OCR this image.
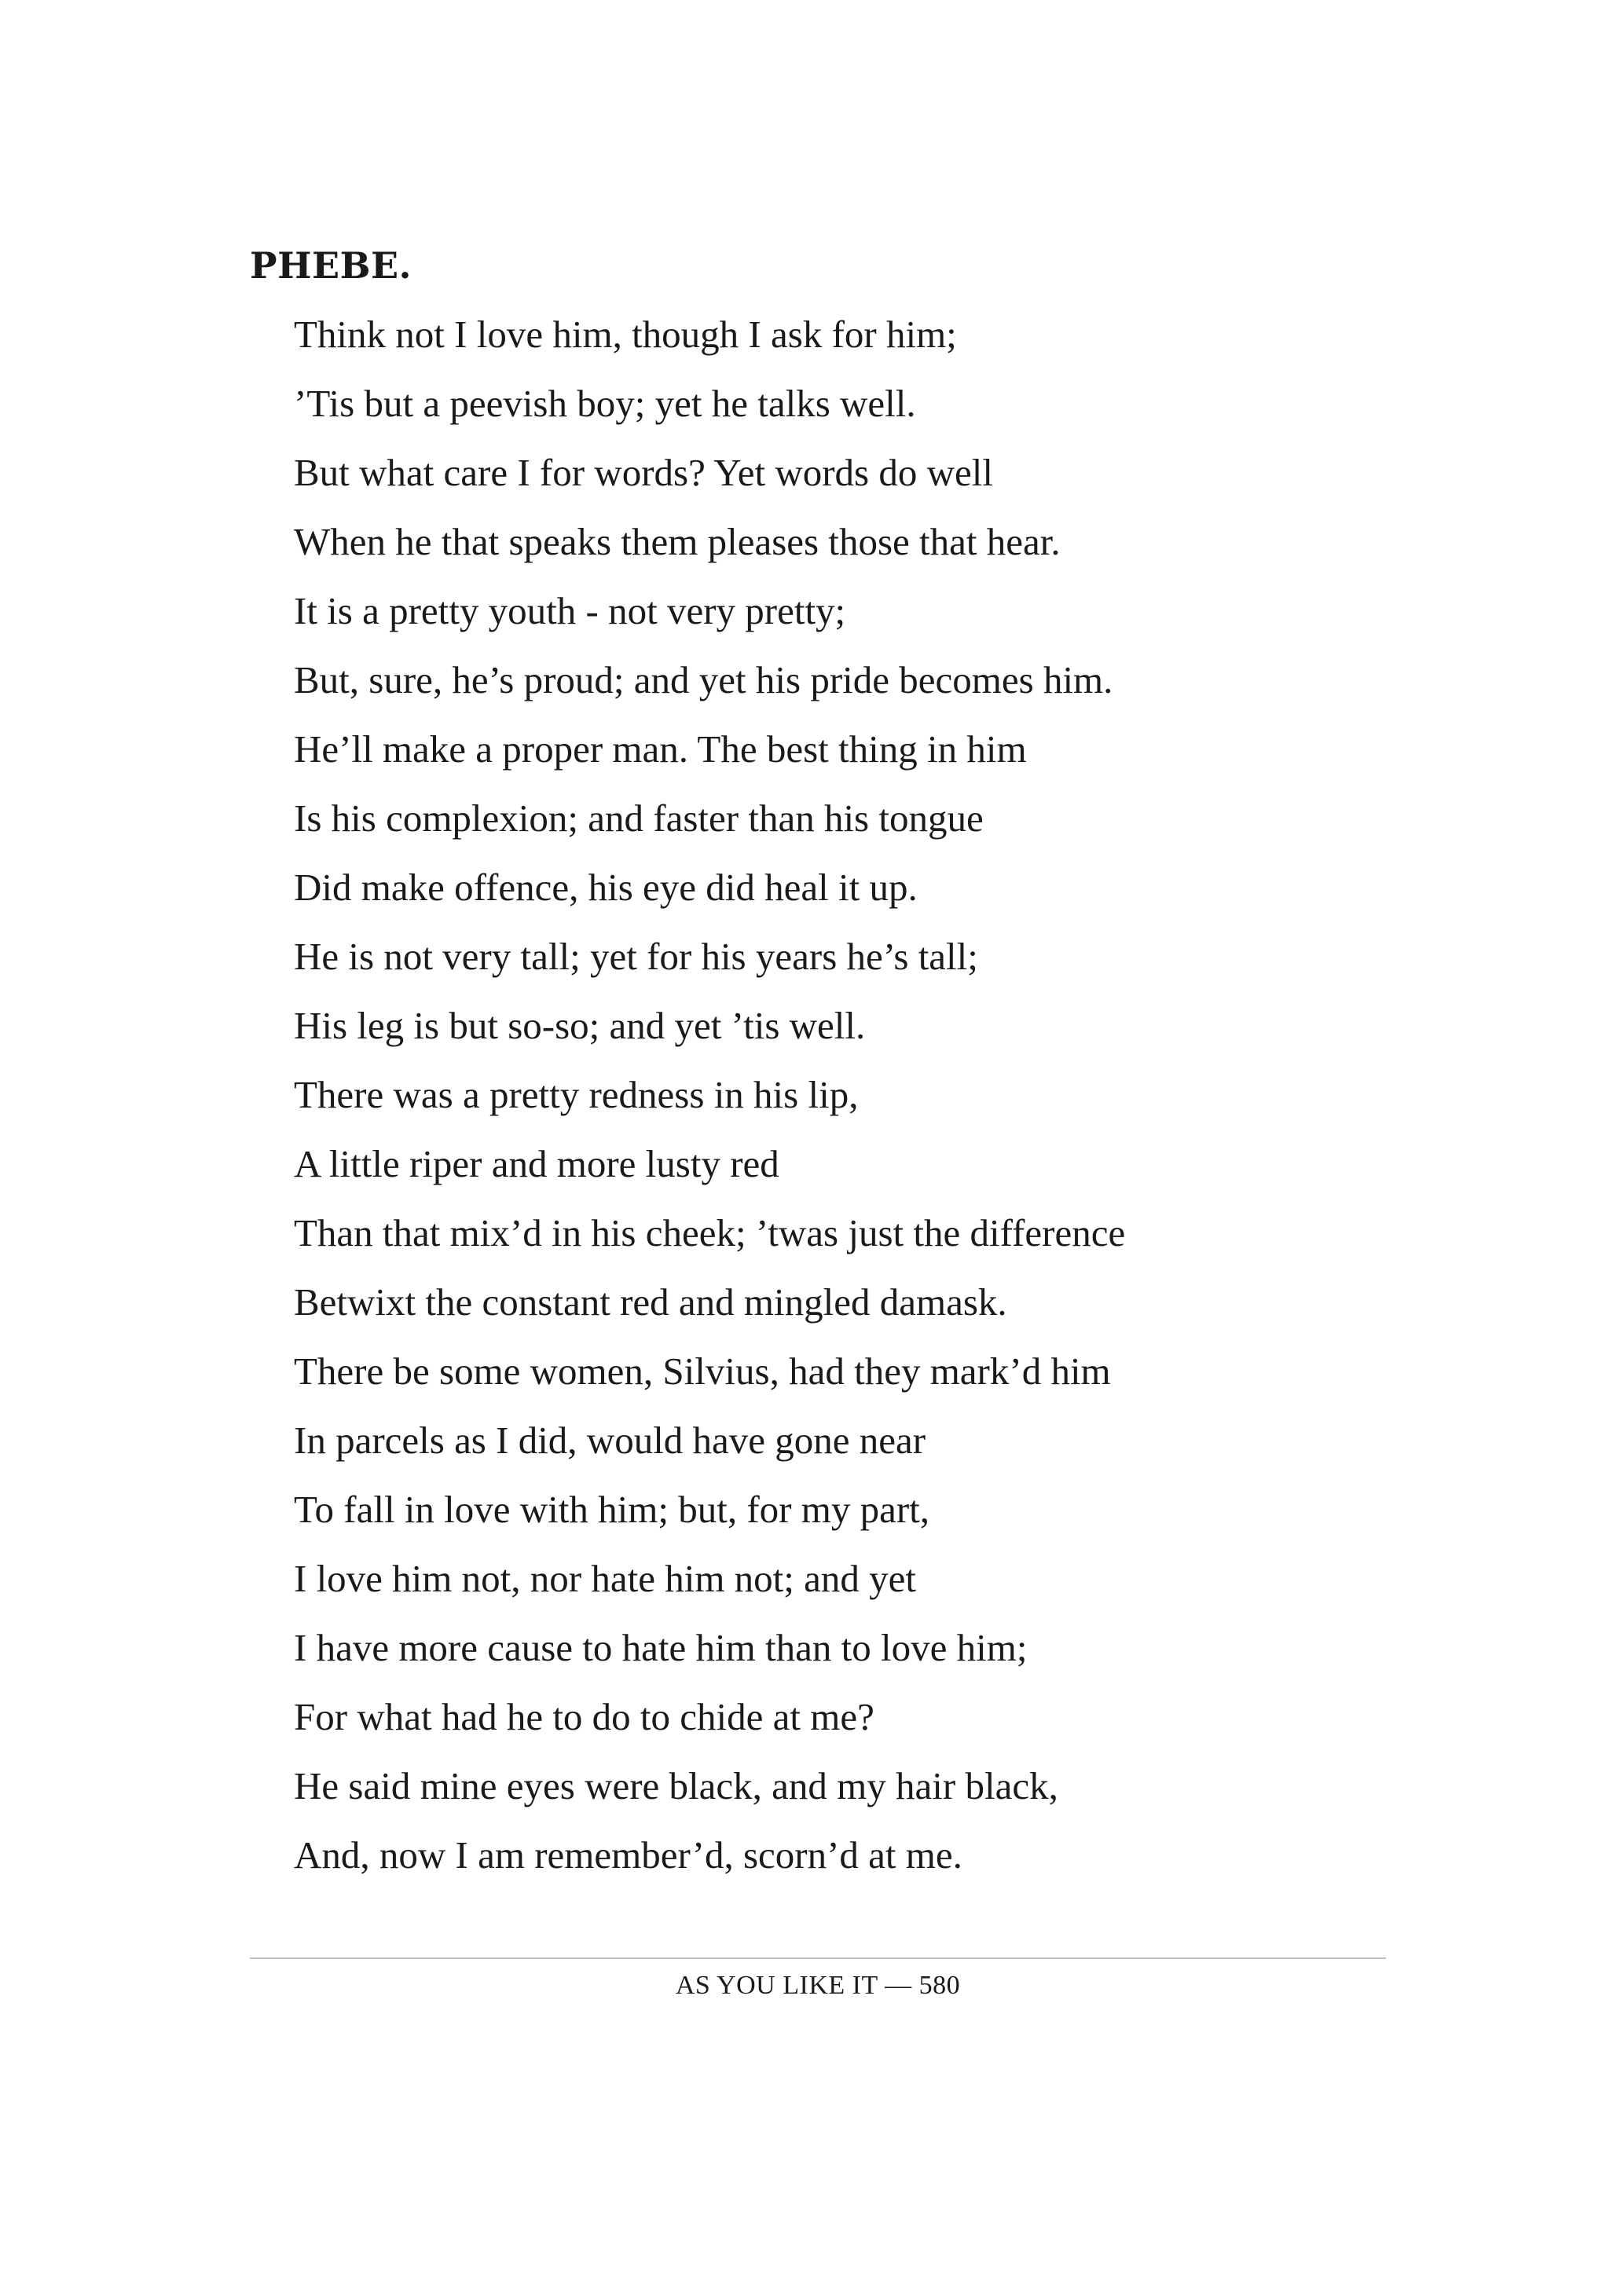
PHEBE.
Think not I love him, though I ask for him;
’Tis but a peevish boy; yet he talks well.
But what care I for words? Yet words do well
When he that speaks them pleases those that hear.
It is a pretty youth - not very pretty;
But, sure, he’s proud; and yet his pride becomes him.
He’ll make a proper man. The best thing in him
Is his complexion; and faster than his tongue
Did make offence, his eye did heal it up.
He is not very tall; yet for his years he’s tall;
His leg is but so-so; and yet ’tis well.
There was a pretty redness in his lip,
A little riper and more lusty red
Than that mix’d in his cheek; ’twas just the difference
Betwixt the constant red and mingled damask.
There be some women, Silvius, had they mark’d him
In parcels as I did, would have gone near
To fall in love with him; but, for my part,
I love him not, nor hate him not; and yet
I have more cause to hate him than to love him;
For what had he to do to chide at me?
He said mine eyes were black, and my hair black,
And, now I am remember’d, scorn’d at me.
AS YOU LIKE IT — 580
